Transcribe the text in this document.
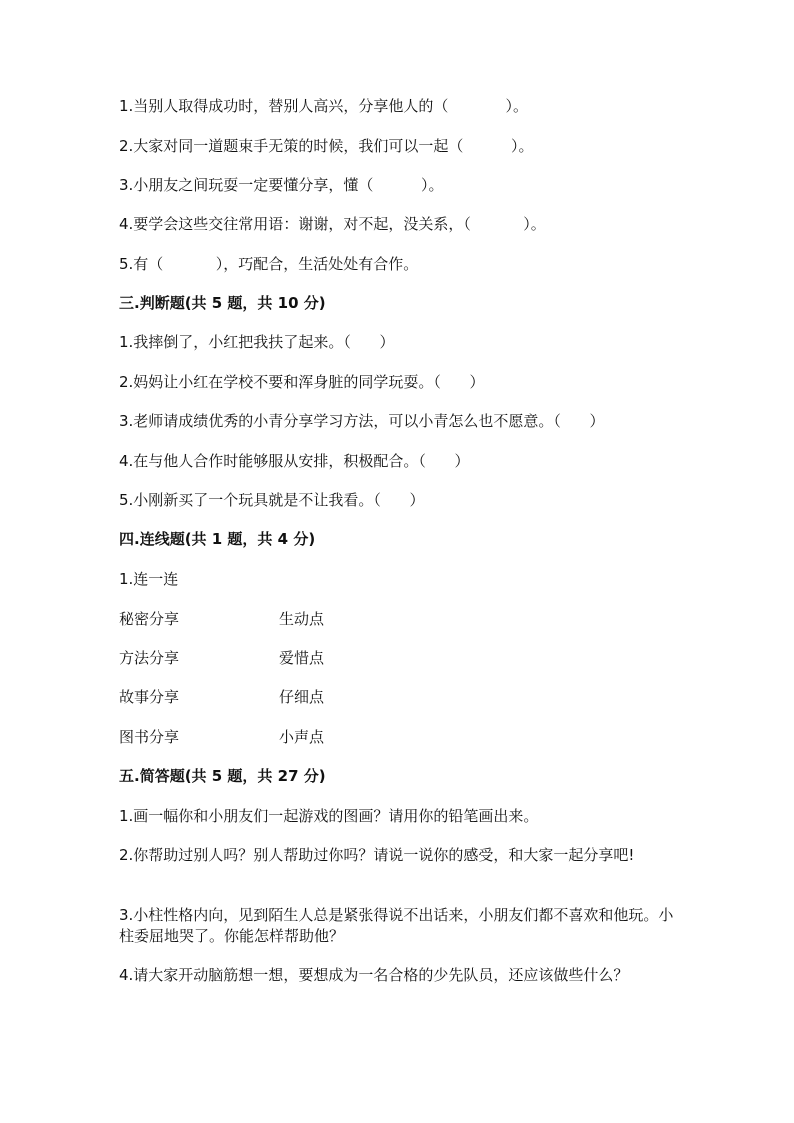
1.当别人取得成功时，替别人高兴，分享他人的（	）。
2.大家对同一道题束手无策的时候，我们可以一起（	）。
3.小朋友之间玩耍一定要懂分享，懂（	）。
4.要学会这些交往常用语：谢谢，对不起，没关系，（	）。
5.有（	），巧配合，生活处处有合作。
三.判断题(共 5 题，共 10 分)
1.我摔倒了，小红把我扶了起来。（ ）
2.妈妈让小红在学校不要和浑身脏的同学玩耍。（ ）
3.老师请成绩优秀的小青分享学习方法，可以小青怎么也不愿意。（ ）
4.在与他人合作时能够服从安排，积极配合。（ ）
5.小刚新买了一个玩具就是不让我看。（ ）
四.连线题(共 1 题，共 4 分)
1.连一连
秘密分享	生动点
方法分享	爱惜点
故事分享	仔细点
图书分享	小声点
五.简答题(共 5 题，共 27 分)
1.画一幅你和小朋友们一起游戏的图画？请用你的铅笔画出来。
2.你帮助过别人吗？别人帮助过你吗？请说一说你的感受，和大家一起分享吧!
3.小柱性格内向，见到陌生人总是紧张得说不出话来，小朋友们都不喜欢和他玩。小柱委屈地哭了。你能怎样帮助他？
4.请大家开动脑筋想一想，要想成为一名合格的少先队员，还应该做些什么？
